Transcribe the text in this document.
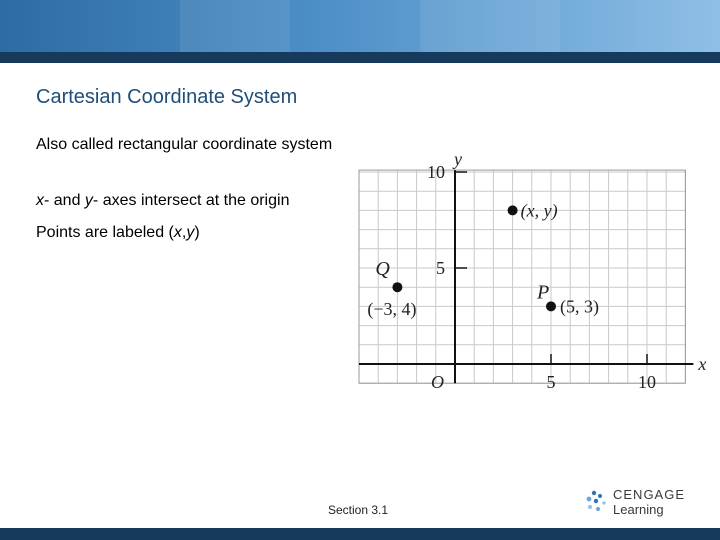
Cartesian Coordinate System

Also called rectangular coordinate system

x- and y- axes intersect at the origin

Points are labeled (x,y)

x
y
O	5	10
5
10
Q
(−3, 4)
P
(5, 3)
(x, y)
Section 3.1
CENGAGE
Learning
